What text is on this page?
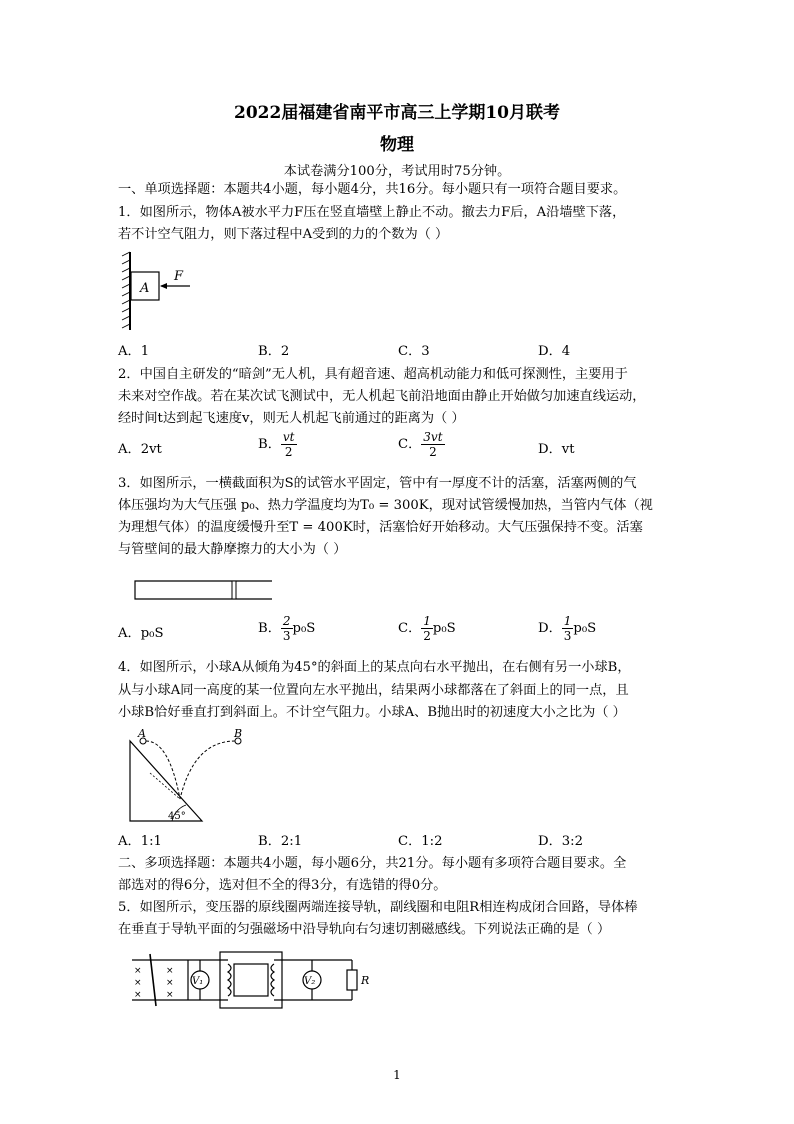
2022届福建省南平市高三上学期10月联考
物理
本试卷满分100分，考试用时75分钟。
一、单项选择题：本题共4小题，每小题4分，共16分。每小题只有一项符合题目要求。
1．如图所示，物体A被水平力F压在竖直墙壁上静止不动。撤去力F后，A沿墙壁下落，
若不计空气阻力，则下落过程中A受到的力的个数为（ ）
A
F
A．1	B．2	C．3	D．4
2．中国自主研发的“暗剑”无人机，具有超音速、超高机动能力和低可探测性，主要用于
未来对空作战。若在某次试飞测试中，无人机起飞前沿地面由静止开始做匀加速直线运动，
经时间t达到起飞速度v，则无人机起飞前通过的距离为（ ）
A．2vt	B． $\frac{vt}{2}$	C． $\frac{3vt}{2}$	D．vt
3．如图所示，一横截面积为S的试管水平固定，管中有一厚度不计的活塞，活塞两侧的气
体压强均为大气压强 p₀、热力学温度均为T₀ = 300K，现对试管缓慢加热，当管内气体（视
为理想气体）的温度缓慢升至T = 400K时，活塞恰好开始移动。大气压强保持不变。活塞
与管壁间的最大静摩擦力的大小为（ ）
A．p₀S	B． $\frac{2}{3} p_0S$	C． $\frac{1}{2} p_0S$	D． $\frac{1}{3} p_0S$
4．如图所示，小球A从倾角为45°的斜面上的某点向右水平抛出，在右侧有另一小球B，
从与小球A同一高度的某一位置向左水平抛出，结果两小球都落在了斜面上的同一点，且
小球B恰好垂直打到斜面上。不计空气阻力。小球A、B抛出时的初速度大小之比为（ ）
A	B
45°
A．1:1	B．2:1	C．1:2	D．3:2
二、多项选择题：本题共4小题，每小题6分，共21分。每小题有多项符合题目要求。全
部选对的得6分，选对但不全的得3分，有选错的得0分。
5．如图所示，变压器的原线圈两端连接导轨，副线圈和电阻R相连构成闭合回路，导体棒
在垂直于导轨平面的匀强磁场中沿导轨向右匀速切割磁感线。下列说法正确的是（ ）
V₁	V₂	R
×	×
×	×
×	×
1
